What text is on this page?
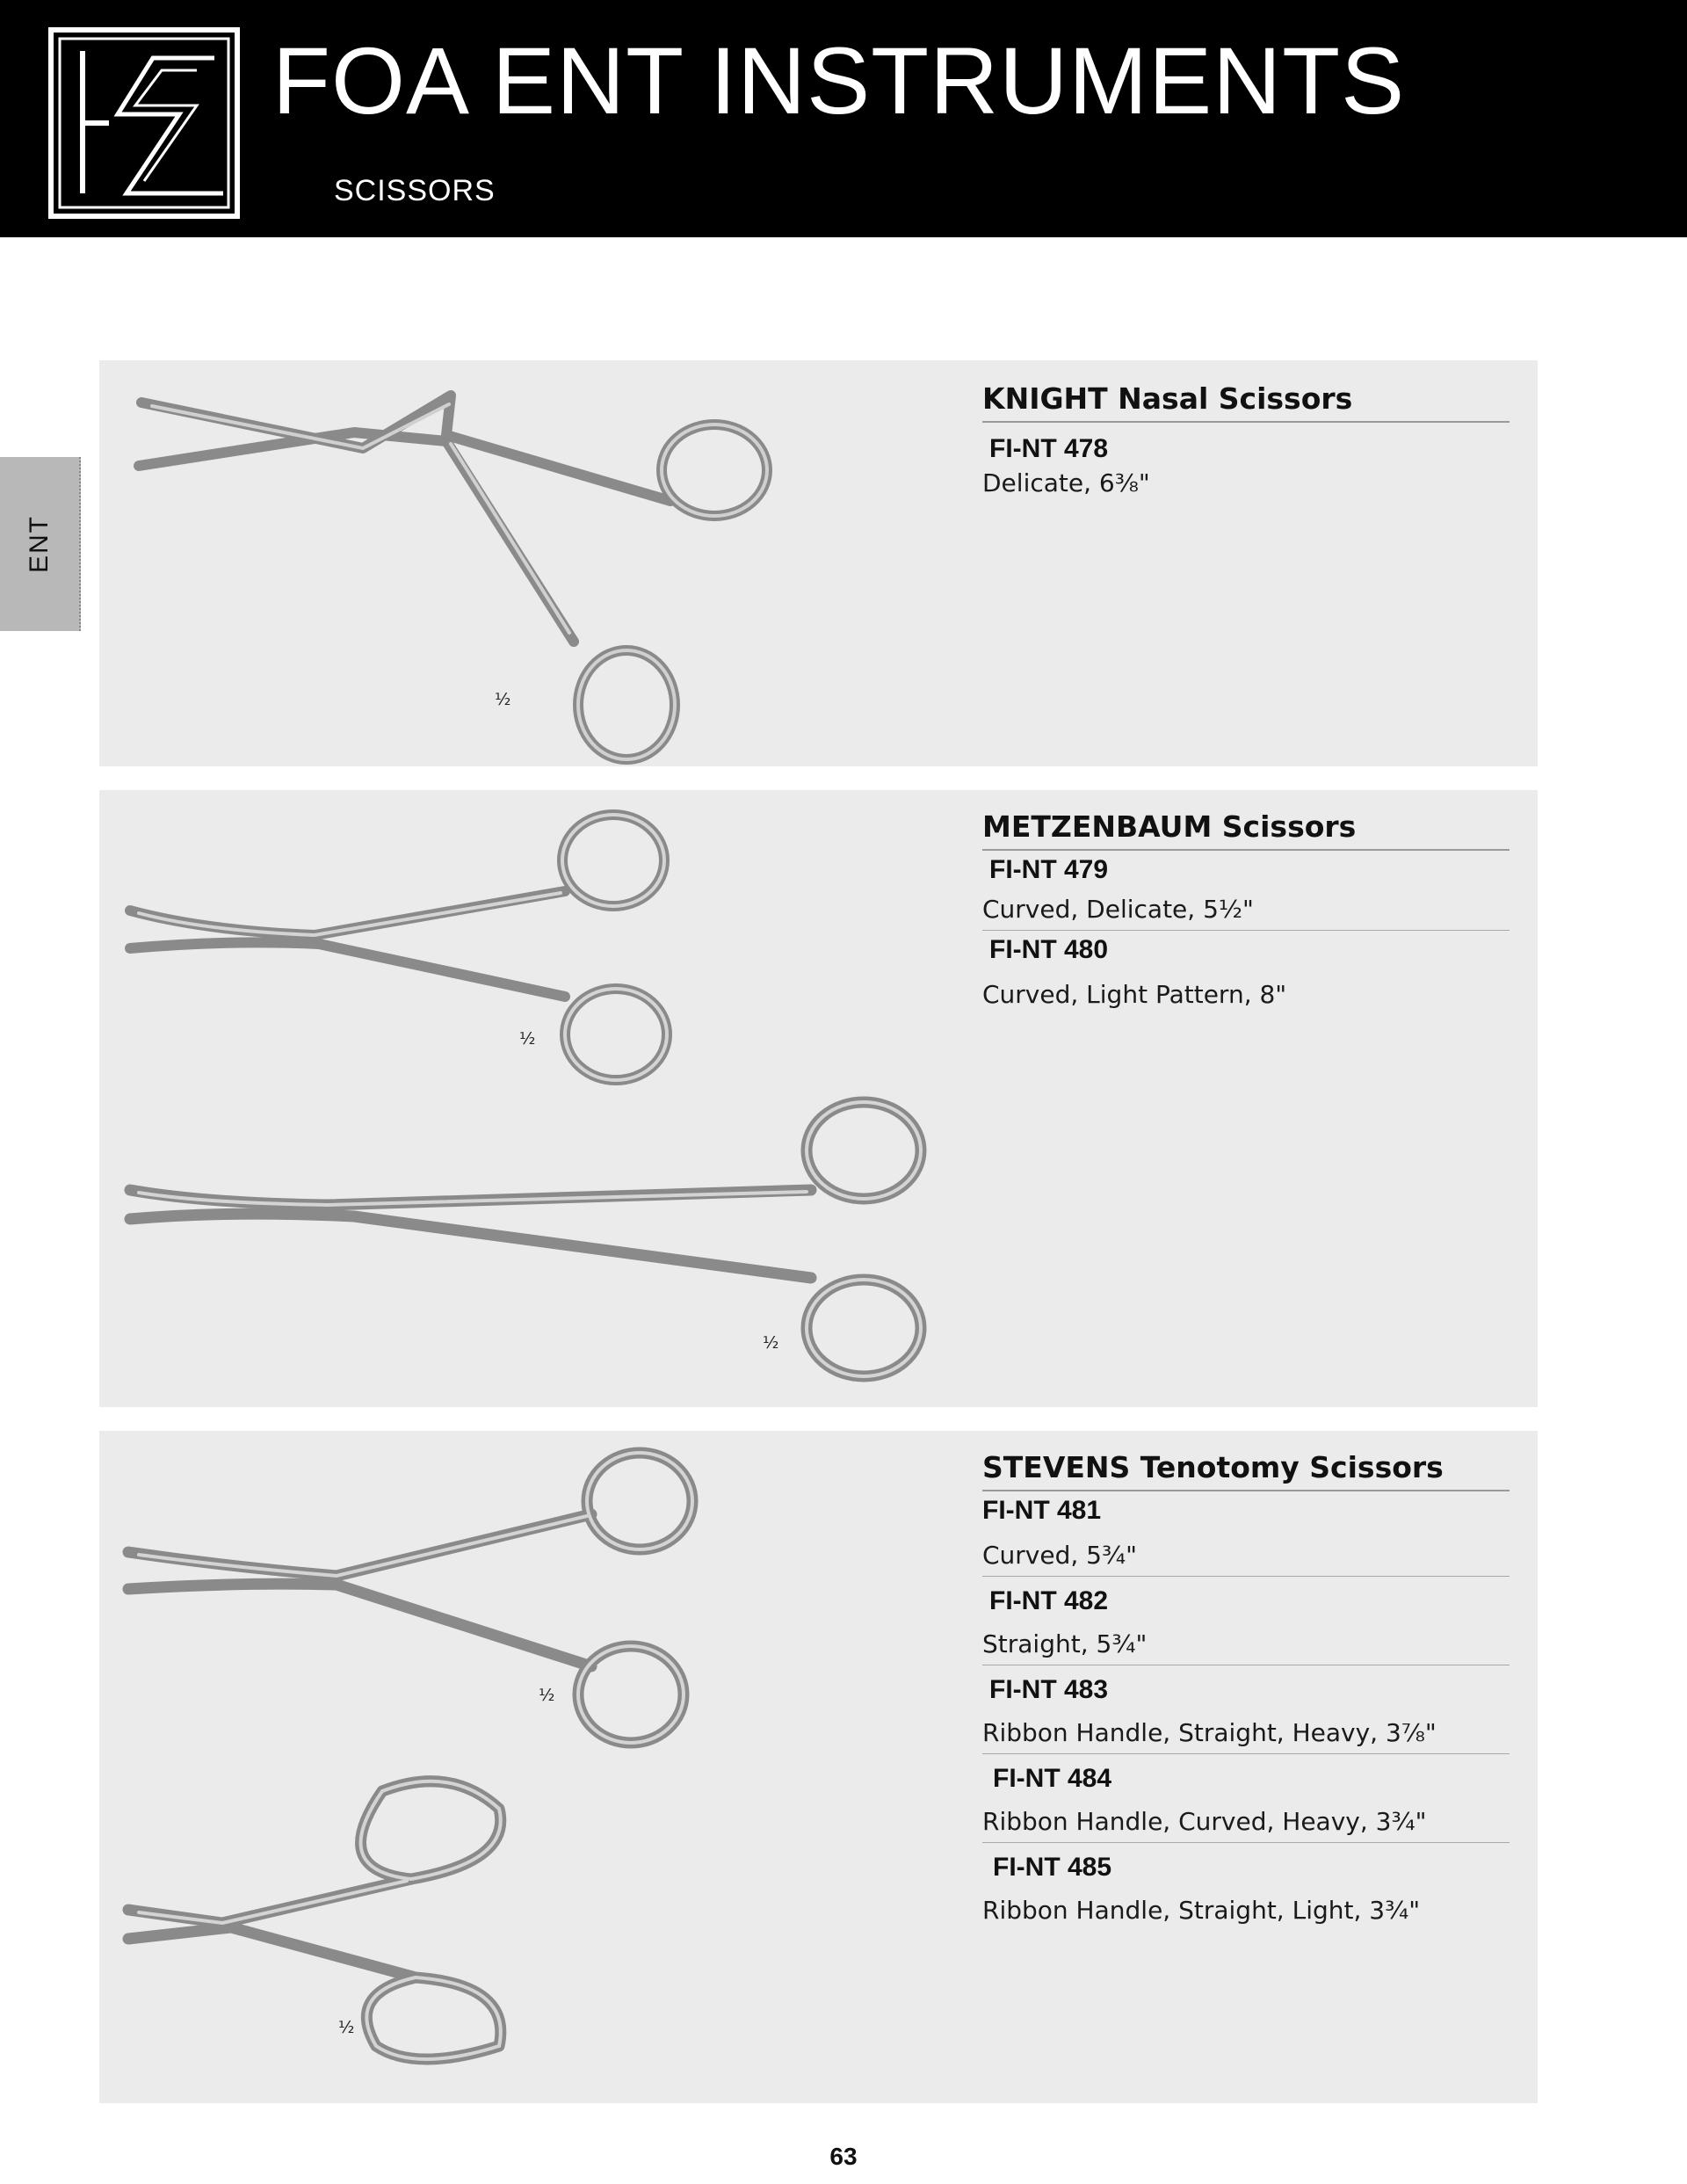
FOA ENT INSTRUMENTS
SCISSORS
ENT
½
KNIGHT Nasal Scissors
FI-NT 478
Delicate, 6⅜"
½
½
METZENBAUM Scissors
FI-NT 479
Curved, Delicate, 5½"
FI-NT 480
Curved, Light Pattern, 8"
½
½
STEVENS Tenotomy Scissors
FI-NT 481
Curved, 5¾"
FI-NT 482
Straight, 5¾"
FI-NT 483
Ribbon Handle, Straight, Heavy, 3⅞"
FI-NT 484
Ribbon Handle, Curved, Heavy, 3¾"
FI-NT 485
Ribbon Handle, Straight, Light, 3¾"
63
